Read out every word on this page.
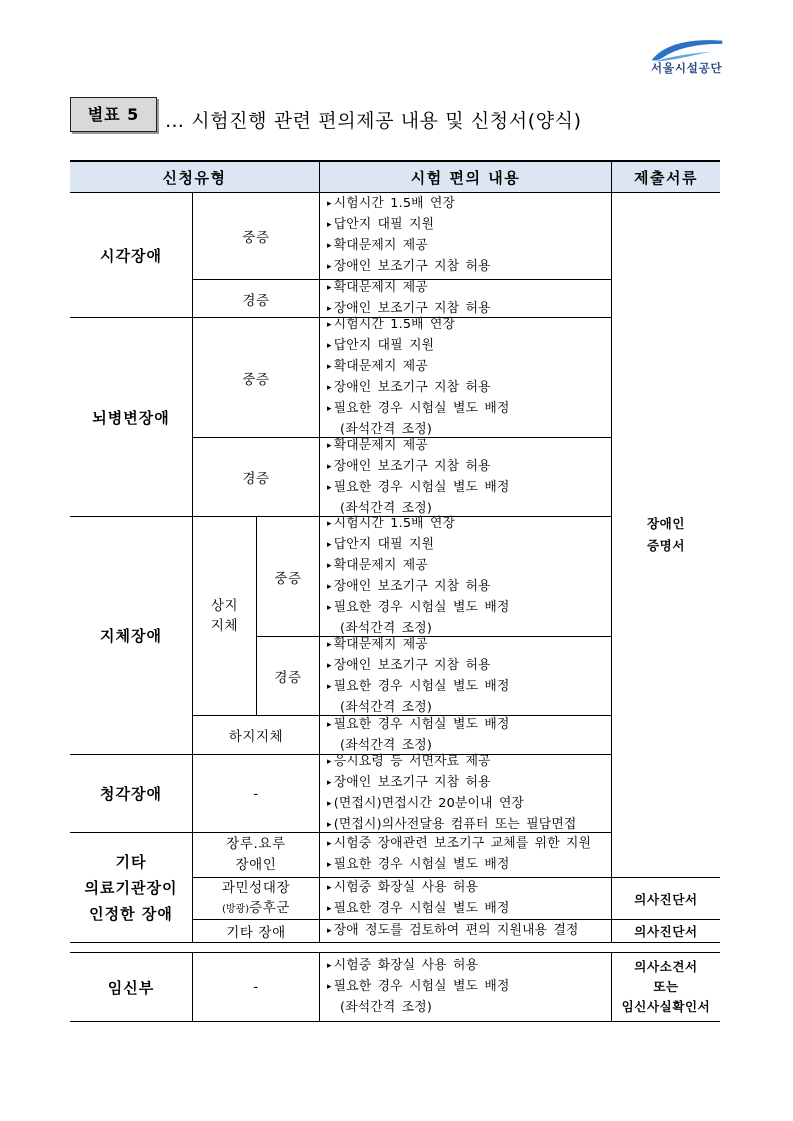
서울시설공단
별표 5	… 시험진행 관련 편의제공 내용 및 신청서(양식)
신청유형	시험 편의 내용	제출서류
장애인
증명서
시각장애
중증
▸ 시험시간 1.5배 연장
▸ 답안지 대필 지원
▸ 확대문제지 제공
▸ 장애인 보조기구 지참 허용
경증
▸ 확대문제지 제공
▸ 장애인 보조기구 지참 허용
뇌병변장애
중증
▸ 시험시간 1.5배 연장
▸ 답안지 대필 지원
▸ 확대문제지 제공
▸ 장애인 보조기구 지참 허용
▸ 필요한 경우 시험실 별도 배정
(좌석간격 조정)
경증
▸ 확대문제지 제공
▸ 장애인 보조기구 지참 허용
▸ 필요한 경우 시험실 별도 배정
(좌석간격 조정)
지체장애
상지
지체
중증
▸ 시험시간 1.5배 연장
▸ 답안지 대필 지원
▸ 확대문제지 제공
▸ 장애인 보조기구 지참 허용
▸ 필요한 경우 시험실 별도 배정
(좌석간격 조정)
경증
▸ 확대문제지 제공
▸ 장애인 보조기구 지참 허용
▸ 필요한 경우 시험실 별도 배정
(좌석간격 조정)
하지지체
▸ 필요한 경우 시험실 별도 배정
(좌석간격 조정)
청각장애	-
▸ 응시요령 등 서면자료 제공
▸ 장애인 보조기구 지참 허용
▸ (면접시)면접시간 20분이내 연장
▸ (면접시)의사전달용 컴퓨터 또는 필담면접
기타
의료기관장이
인정한 장애
장루.요루
장애인
▸ 시험중 장애관련 보조기구 교체를 위한 지원
▸ 필요한 경우 시험실 별도 배정
과민성대장
(방광)증후군
▸ 시험중 화장실 사용 허용
▸ 필요한 경우 시험실 별도 배정
의사진단서
기타 장애
▸	장애 정도를 검토하여 편의 지원내용 결정	의사진단서
임신부	-
▸ 시험중 화장실 사용 허용
▸ 필요한 경우 시험실 별도 배정
(좌석간격 조정)
의사소견서
또는
임신사실확인서
